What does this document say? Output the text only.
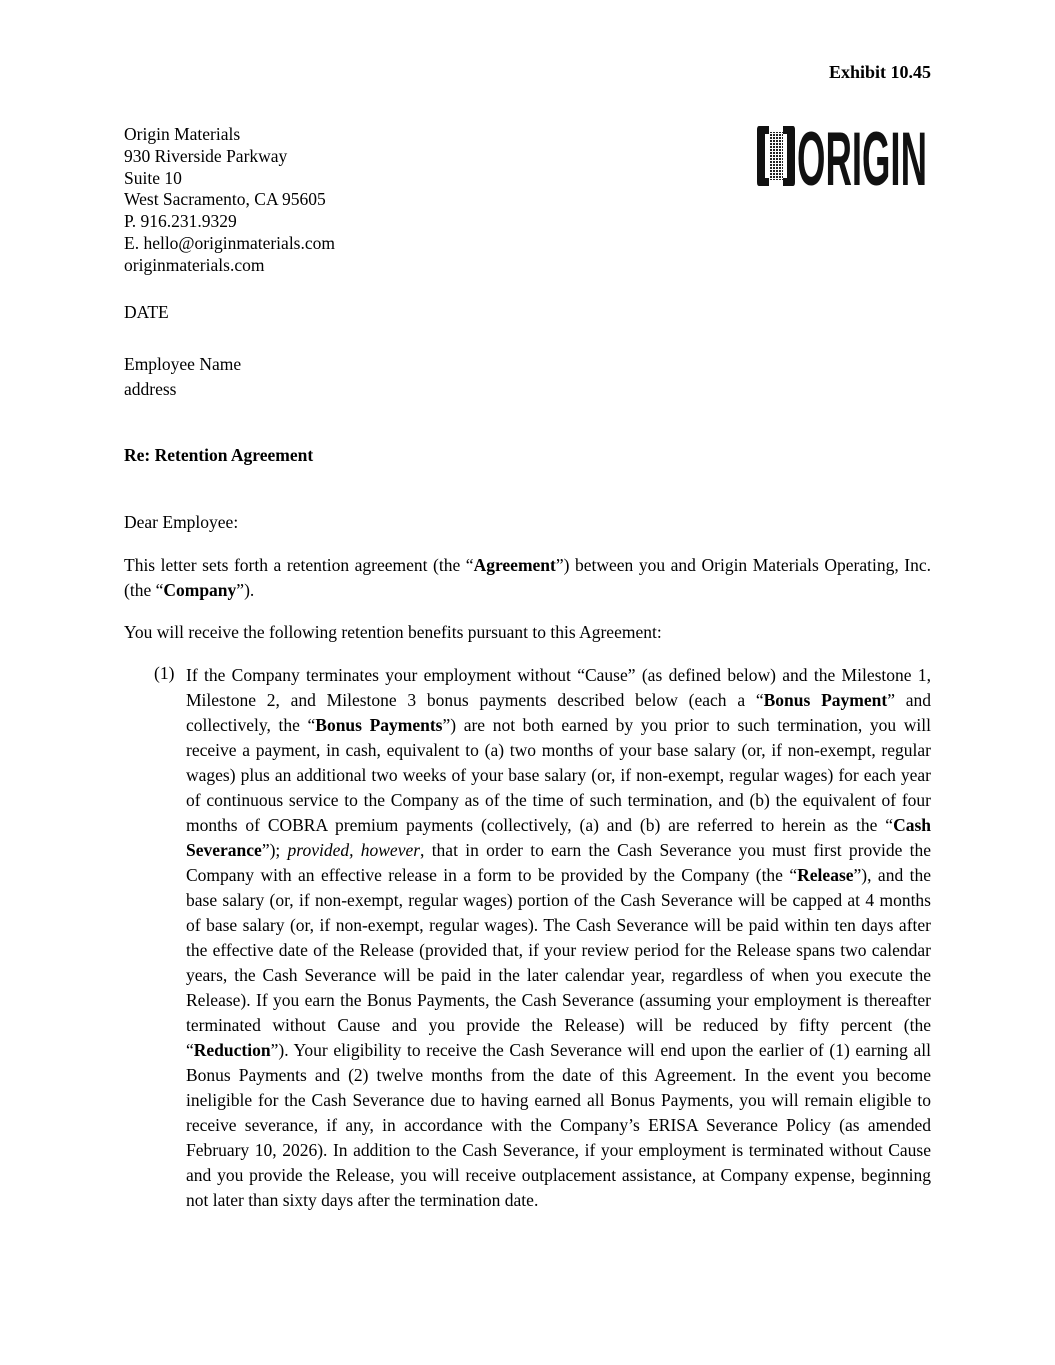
Exhibit 10.45
ORIGIN
Origin Materials
930 Riverside Parkway
Suite 10
West Sacramento, CA 95605
P. 916.231.9329
E. hello@originmaterials.com
originmaterials.com
DATE
Employee Name
address
Re: Retention Agreement
Dear Employee:
This letter sets forth a retention agreement (the “Agreement”) between you and Origin Materials Operating, Inc. (the “Company”).
You will receive the following retention benefits pursuant to this Agreement:
(1) If the Company terminates your employment without “Cause” (as defined below) and the Milestone 1, Milestone 2, and Milestone 3 bonus payments described below (each a “Bonus Payment” and collectively, the “Bonus Payments”) are not both earned by you prior to such termination, you will receive a payment, in cash, equivalent to (a) two months of your base salary (or, if non-exempt, regular wages) plus an additional two weeks of your base salary (or, if non-exempt, regular wages) for each year of continuous service to the Company as of the time of such termination, and (b) the equivalent of four months of COBRA premium payments (collectively, (a) and (b) are referred to herein as the “Cash Severance”); provided, however, that in order to earn the Cash Severance you must first provide the Company with an effective release in a form to be provided by the Company (the “Release”), and the base salary (or, if non-exempt, regular wages) portion of the Cash Severance will be capped at 4 months of base salary (or, if non-exempt, regular wages). The Cash Severance will be paid within ten days after the effective date of the Release (provided that, if your review period for the Release spans two calendar years, the Cash Severance will be paid in the later calendar year, regardless of when you execute the Release). If you earn the Bonus Payments, the Cash Severance (assuming your employment is thereafter terminated without Cause and you provide the Release) will be reduced by fifty percent (the “Reduction”). Your eligibility to receive the Cash Severance will end upon the earlier of (1) earning all Bonus Payments and (2) twelve months from the date of this Agreement. In the event you become ineligible for the Cash Severance due to having earned all Bonus Payments, you will remain eligible to receive severance, if any, in accordance with the Company’s ERISA Severance Policy (as amended February 10, 2026). In addition to the Cash Severance, if your employment is terminated without Cause and you provide the Release, you will receive outplacement assistance, at Company expense, beginning not later than sixty days after the termination date.
